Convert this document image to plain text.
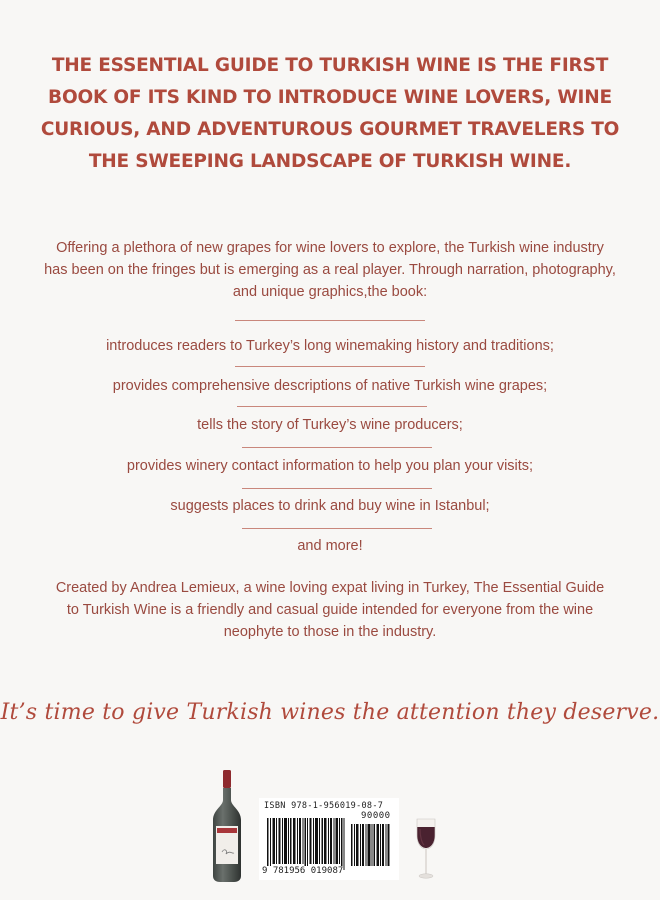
THE ESSENTIAL GUIDE TO TURKISH WINE IS THE FIRST
BOOK OF ITS KIND TO INTRODUCE WINE LOVERS, WINE
CURIOUS, AND ADVENTUROUS GOURMET TRAVELERS TO
THE SWEEPING LANDSCAPE OF TURKISH WINE.
Offering a plethora of new grapes for wine lovers to explore, the Turkish wine industry
has been on the fringes but is emerging as a real player. Through narration, photography,
and unique graphics,the book:
introduces readers to Turkey’s long winemaking history and traditions;
provides comprehensive descriptions of native Turkish wine grapes;
tells the story of Turkey’s wine producers;
provides winery contact information to help you plan your visits;
suggests places to drink and buy wine in Istanbul;
and more!
Created by Andrea Lemieux, a wine loving expat living in Turkey, The Essential Guide
to Turkish Wine is a friendly and casual guide intended for everyone from the wine
neophyte to those in the industry.
It’s time to give Turkish wines the attention they deserve.
ISBN 978-1-956019-08-7
90000
9 781956 019087
